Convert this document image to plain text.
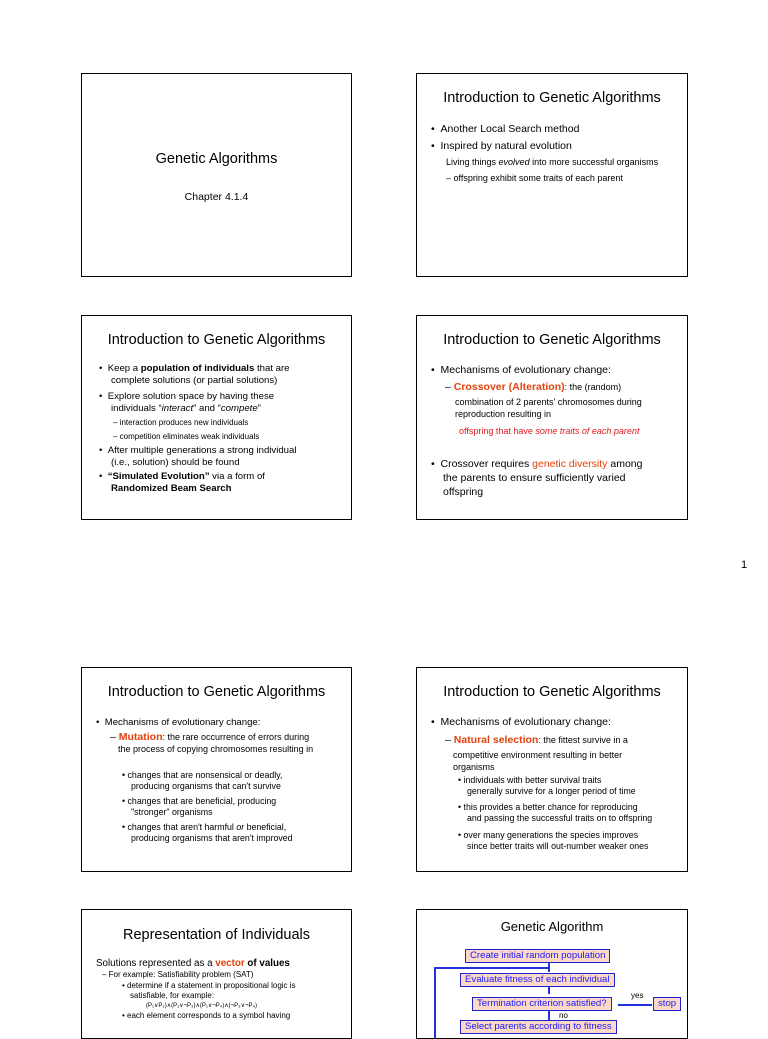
Genetic Algorithms
Chapter 4.1.4
Introduction to Genetic Algorithms
•  Another Local Search method
•  Inspired by natural evolution
Living things evolved into more successful organisms
– offspring exhibit some traits of each parent
Introduction to Genetic Algorithms
•  Keep a population of individuals that are
complete solutions (or partial solutions)
•  Explore solution space by having these
individuals “interact” and “compete”
– interaction produces new individuals
– competition eliminates weak individuals
•  After multiple generations a strong individual
(i.e., solution) should be found
•  “Simulated Evolution” via a form of
Randomized Beam Search
Introduction to Genetic Algorithms
•  Mechanisms of evolutionary change:
– Crossover (Alteration): the (random)
combination of 2 parents' chromosomes during
reproduction resulting in
offspring that have some traits of each parent
•  Crossover requires genetic diversity among
the parents to ensure sufficiently varied
offspring
1
Introduction to Genetic Algorithms
•  Mechanisms of evolutionary change:
– Mutation: the rare occurrence of errors during
the process of copying chromosomes resulting in
• changes that are nonsensical or deadly,
producing organisms that can't survive
• changes that are beneficial, producing
"stronger" organisms
• changes that aren't harmful or beneficial,
producing organisms that aren't improved
Introduction to Genetic Algorithms
•  Mechanisms of evolutionary change:
– Natural selection: the fittest survive in a
competitive environment resulting in better
organisms
• individuals with better survival traits
generally survive for a longer period of time
• this provides a better chance for reproducing
and passing the successful traits on to offspring
• over many generations the species improves
since better traits will out-number weaker ones
Representation of Individuals
Solutions represented as a vector of values
– For example: Satisfiability problem (SAT)
• determine if a statement in propositional logic is
satisfiable, for example:
(P₁∨P₂)∧(P₁∨¬P₃)∧(P₁∨¬P₄)∧(¬P₃∨¬P₄)
• each element corresponds to a symbol having
Genetic Algorithm
Create initial random population
Evaluate fitness of each individual
Termination criterion satisfied?	stop
Select parents according to fitness
yes
no
